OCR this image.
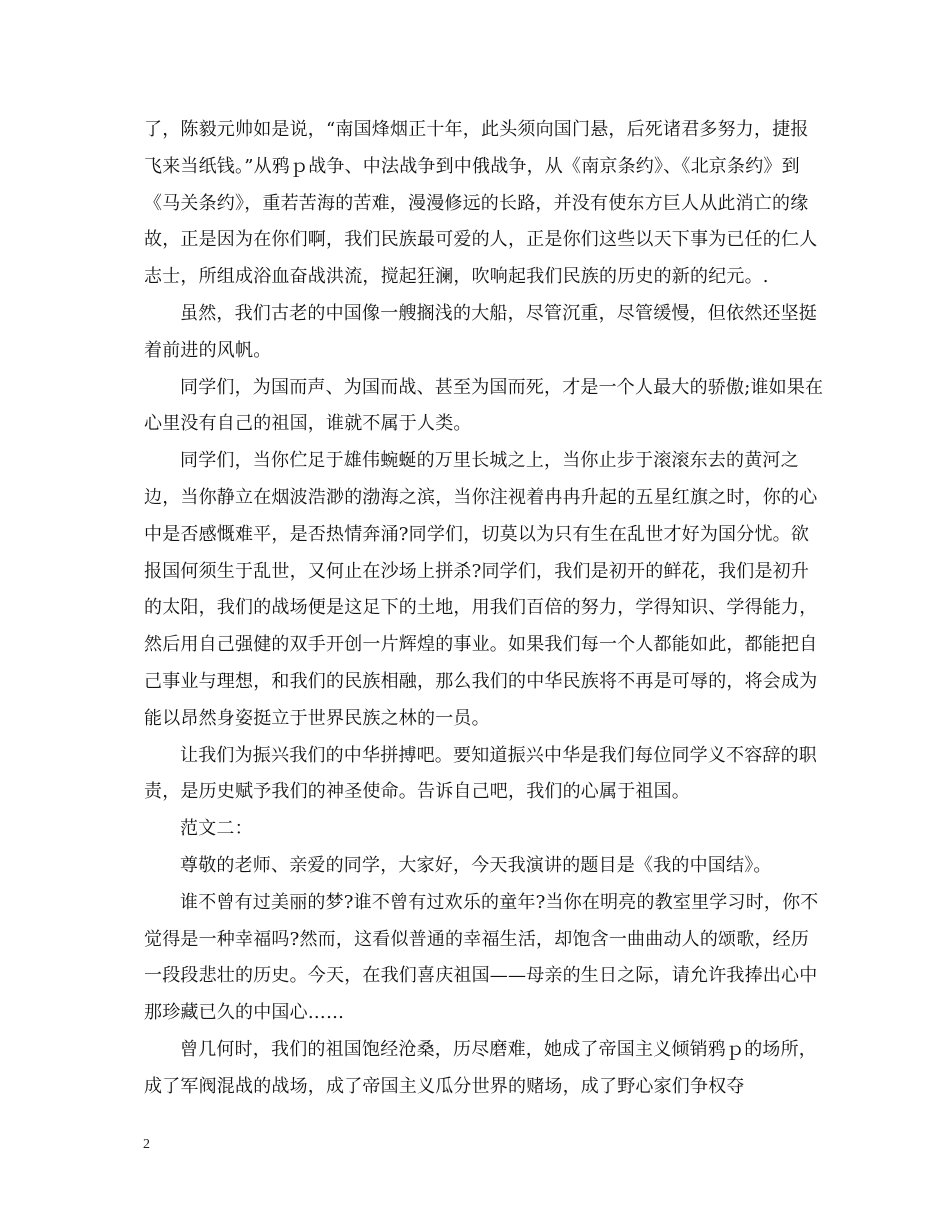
了，陈毅元帅如是说，“南国烽烟正十年，此头须向国门悬，后死诸君多努力，捷报飞来当纸钱。”从鸦ｐ战争、中法战争到中俄战争，从《南京条约》、《北京条约》到《马关条约》，重若苦海的苦难，漫漫修远的长路，并没有使东方巨人从此消亡的缘故，正是因为在你们啊，我们民族最可爱的人，正是你们这些以天下事为已任的仁人志士，所组成浴血奋战洪流，搅起狂澜，吹响起我们民族的历史的新的纪元。.

虽然，我们古老的中国像一艘搁浅的大船，尽管沉重，尽管缓慢，但依然还坚挺着前进的风帆。

同学们，为国而声、为国而战、甚至为国而死，才是一个人最大的骄傲;谁如果在心里没有自己的祖国，谁就不属于人类。

同学们，当你伫足于雄伟蜿蜒的万里长城之上，当你止步于滚滚东去的黄河之边，当你静立在烟波浩渺的渤海之滨，当你注视着冉冉升起的五星红旗之时，你的心中是否感慨难平，是否热情奔涌?同学们，切莫以为只有生在乱世才好为国分忧。欲报国何须生于乱世，又何止在沙场上拼杀?同学们，我们是初开的鲜花，我们是初升的太阳，我们的战场便是这足下的土地，用我们百倍的努力，学得知识、学得能力，然后用自己强健的双手开创一片辉煌的事业。如果我们每一个人都能如此，都能把自己事业与理想，和我们的民族相融，那么我们的中华民族将不再是可辱的，将会成为能以昂然身姿挺立于世界民族之林的一员。

让我们为振兴我们的中华拼搏吧。要知道振兴中华是我们每位同学义不容辞的职责，是历史赋予我们的神圣使命。告诉自己吧，我们的心属于祖国。

范文二：

尊敬的老师、亲爱的同学，大家好，今天我演讲的题目是《我的中国结》。

谁不曾有过美丽的梦?谁不曾有过欢乐的童年?当你在明亮的教室里学习时，你不觉得是一种幸福吗?然而，这看似普通的幸福生活，却饱含一曲曲动人的颂歌，经历一段段悲壮的历史。今天，在我们喜庆祖国——母亲的生日之际，请允许我捧出心中那珍藏已久的中国心……

曾几何时，我们的祖国饱经沧桑，历尽磨难，她成了帝国主义倾销鸦ｐ的场所，成了军阀混战的战场，成了帝国主义瓜分世界的赌场，成了野心家们争权夺

2
